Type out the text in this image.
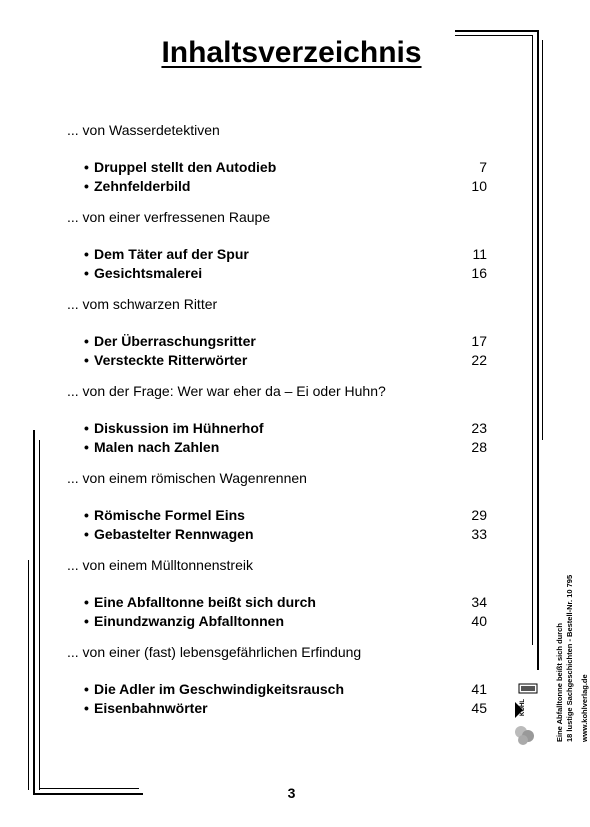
Inhaltsverzeichnis
... von Wasserdetektiven
• Druppel stellt den Autodieb	7
• Zehnfelderbild	10
... von einer verfressenen Raupe
• Dem Täter auf der Spur	11
• Gesichtsmalerei	16
... vom schwarzen Ritter
• Der Überraschungsritter	17
• Versteckte Ritterwörter	22
... von der Frage: Wer war eher da – Ei oder Huhn?
• Diskussion im Hühnerhof	23
• Malen nach Zahlen	28
... von einem römischen Wagenrennen
• Römische Formel Eins	29
• Gebastelter Rennwagen	33
... von einem Mülltonnenstreik
• Eine Abfalltonne beißt sich durch	34
• Einundzwanzig Abfalltonnen	40
... von einer (fast) lebensgefährlichen Erfindung
• Die Adler im Geschwindigkeitsrausch	41
• Eisenbahnwörter	45	Eine Abfalltonne beißt sich durch 18 lustige Sachgeschichten - Bestell-Nr. 10 795 www.kohlverlag.de
KOHL
3
